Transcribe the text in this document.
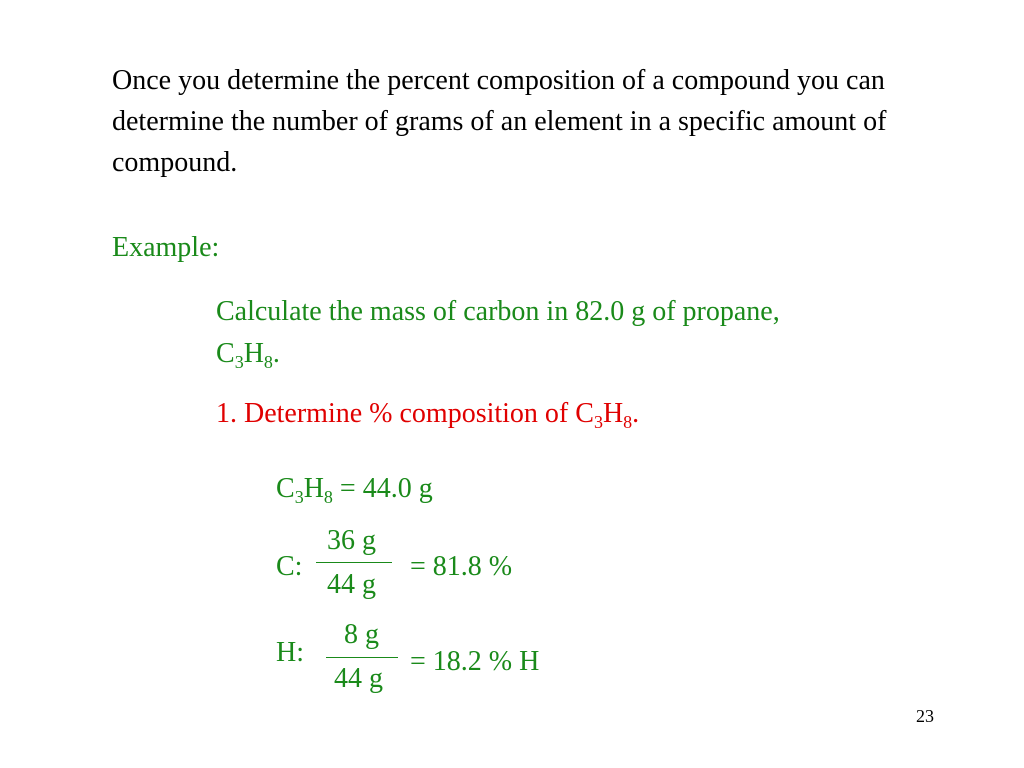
Once you determine the percent composition of a compound you can determine the number of grams of an element in a specific amount of compound.
Example:
Calculate the mass of carbon in 82.0 g of propane,
$C_3H_8$.
1. Determine % composition of $C_3H_8$.
$C_3H_8 = 44.0$ g
C:
36 g
44 g
= 81.8 %
H:
8 g
44 g
= 18.2 % H
23
